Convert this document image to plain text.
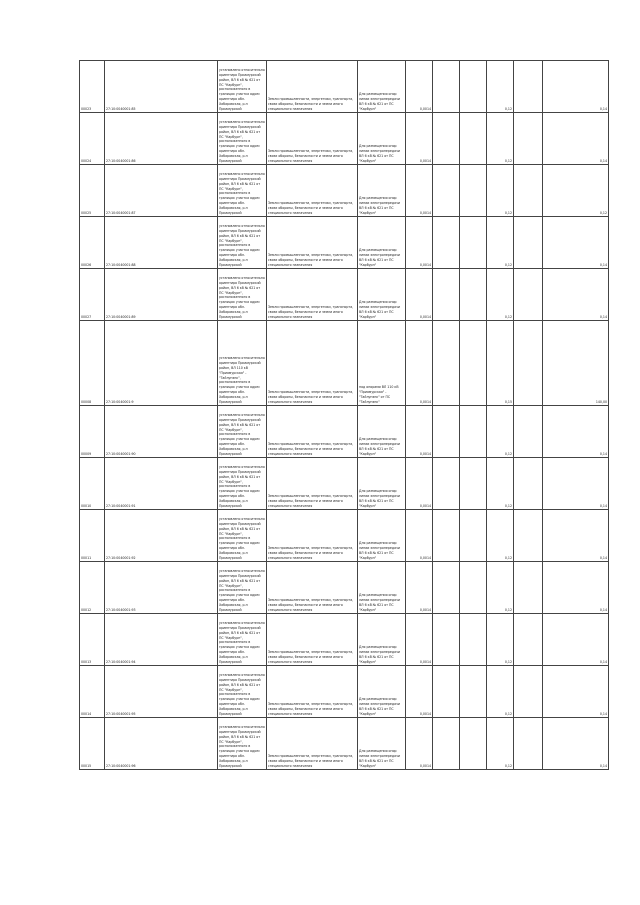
00023	27:10:0040001:85	установлено относительно ориентира Приамурский район, ВЛ 6 кВ № 621 от ПС "Карбурн", расположенного в границах участка адрес ориентира обл. Хабаровская, р-н Приамурский	Земли промышленности, энергетики, транспорта, связи обороны, безопасности и земли иного специального назначения	Для размещения опор линии электропередачи ВЛ 6 кВ № 621 от ПС "Карбурн"	0,0014			0,12		0,14
00024	27:10:0040001:86	установлено относительно ориентира Приамурский район, ВЛ 6 кВ № 621 от ПС "Карбурн", расположенного в границах участка адрес ориентира обл. Хабаровская, р-н Приамурский	Земли промышленности, энергетики, транспорта, связи обороны, безопасности и земли иного специального назначения	Для размещения опор линии электропередачи ВЛ 6 кВ № 621 от ПС "Карбурн"	0,0014			0,12		0,14
00025	27:10:0040001:87	установлено относительно ориентира Приамурский район, ВЛ 6 кВ № 621 от ПС "Карбурн", расположенного в границах участка адрес ориентира обл. Хабаровская, р-н Приамурский	Земли промышленности, энергетики, транспорта, связи обороны, безопасности и земли иного специального назначения	Для размещения опор линии электропередачи ВЛ 6 кВ № 621 от ПС "Карбурн"	0,0014			0,12		0,12
00026	27:10:0040001:88	установлено относительно ориентира Приамурский район, ВЛ 6 кВ № 621 от ПС "Карбурн", расположенного в границах участка адрес ориентира обл. Хабаровская, р-н Приамурский	Земли промышленности, энергетики, транспорта, связи обороны, безопасности и земли иного специального назначения	Для размещения опор линии электропередачи ВЛ 6 кВ № 621 от ПС "Карбурн"	0,0014			0,12		0,14
00027	27:10:0040001:89	установлено относительно ориентира Приамурский район, ВЛ 6 кВ № 621 от ПС "Карбурн", расположенного в границах участка адрес ориентира обл. Хабаровская, р-н Приамурский	Земли промышленности, энергетики, транспорта, связи обороны, безопасности и земли иного специального назначения	Для размещения опор линии электропередачи ВЛ 6 кВ № 621 от ПС "Карбурн"	0,0014			0,12		0,14
00008	27:10:0040001:9	установлено относительно ориентира Приамурский район, ВЛ 110 кВ "Приамурская" - "Тайлунэнк", расположенного в границах участка адрес ориентира обл. Хабаровская, р-н Приамурский	Земли промышленности, энергетики, транспорта, связи обороны, безопасности и земли иного специального назначения	под опорами ВЛ 110 кВ "Приамурская" - "Тайлунэнк" от ПС "Тайлунэнк"	0,0014			0,15		140,00
00009	27:10:0040001:90	установлено относительно ориентира Приамурский район, ВЛ 6 кВ № 621 от ПС "Карбурн", расположенного в границах участка адрес ориентира обл. Хабаровская, р-н Приамурский	Земли промышленности, энергетики, транспорта, связи обороны, безопасности и земли иного специального назначения	Для размещения опор линии электропередачи ВЛ 6 кВ № 621 от ПС "Карбурн"	0,0014			0,12		0,14
00010	27:10:0040001:91	установлено относительно ориентира Приамурский район, ВЛ 6 кВ № 621 от ПС "Карбурн", расположенного в границах участка адрес ориентира обл. Хабаровская, р-н Приамурский	Земли промышленности, энергетики, транспорта, связи обороны, безопасности и земли иного специального назначения	Для размещения опор линии электропередачи ВЛ 6 кВ № 621 от ПС "Карбурн"	0,0014			0,12		0,14
00011	27:10:0040001:92	установлено относительно ориентира Приамурский район, ВЛ 6 кВ № 621 от ПС "Карбурн", расположенного в границах участка адрес ориентира обл. Хабаровская, р-н Приамурский	Земли промышленности, энергетики, транспорта, связи обороны, безопасности и земли иного специального назначения	Для размещения опор линии электропередачи ВЛ 6 кВ № 621 от ПС "Карбурн"	0,0014			0,12		0,14
00012	27:10:0040001:93	установлено относительно ориентира Приамурский район, ВЛ 6 кВ № 621 от ПС "Карбурн", расположенного в границах участка адрес ориентира обл. Хабаровская, р-н Приамурский	Земли промышленности, энергетики, транспорта, связи обороны, безопасности и земли иного специального назначения	Для размещения опор линии электропередачи ВЛ 6 кВ № 621 от ПС "Карбурн"	0,0014			0,12		0,14
00013	27:10:0040001:94	установлено относительно ориентира Приамурский район, ВЛ 6 кВ № 621 от ПС "Карбурн", расположенного в границах участка адрес ориентира обл. Хабаровская, р-н Приамурский	Земли промышленности, энергетики, транспорта, связи обороны, безопасности и земли иного специального назначения	Для размещения опор линии электропередачи ВЛ 6 кВ № 621 от ПС "Карбурн"	0,0014			0,12		0,14
00014	27:10:0040001:95	установлено относительно ориентира Приамурский район, ВЛ 6 кВ № 621 от ПС "Карбурн", расположенного в границах участка адрес ориентира обл. Хабаровская, р-н Приамурский	Земли промышленности, энергетики, транспорта, связи обороны, безопасности и земли иного специального назначения	Для размещения опор линии электропередачи ВЛ 6 кВ № 621 от ПС "Карбурн"	0,0014			0,12		0,14
00015	27:10:0040001:96	установлено относительно ориентира Приамурский район, ВЛ 6 кВ № 621 от ПС "Карбурн", расположенного в границах участка адрес ориентира обл. Хабаровская, р-н Приамурский	Земли промышленности, энергетики, транспорта, связи обороны, безопасности и земли иного специального назначения	Для размещения опор линии электропередачи ВЛ 6 кВ № 621 от ПС "Карбурн"	0,0014			0,12		0,14
